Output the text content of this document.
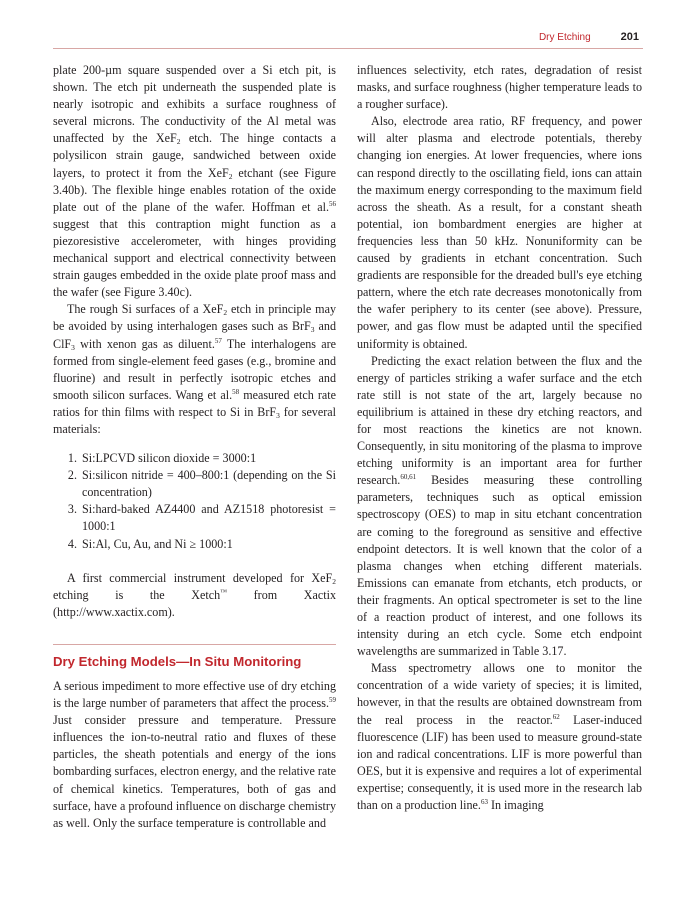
Dry Etching	201

plate 200-µm square suspended over a Si etch pit, is shown. The etch pit underneath the suspended plate is nearly isotropic and exhibits a surface roughness of several microns. The conductivity of the Al metal was unaffected by the XeF$_2$ etch. The hinge contacts a polysilicon strain gauge, sandwiched between oxide layers, to protect it from the XeF$_2$ etchant (see Figure 3.40b). The flexible hinge enables rotation of the oxide plate out of the plane of the wafer. Hoffman et al.$^{56}$ suggest that this contraption might function as a piezoresistive accelerometer, with hinges providing mechanical support and electrical connectivity between strain gauges embedded in the oxide plate proof mass and the wafer (see Figure 3.40c).

The rough Si surfaces of a XeF$_2$ etch in principle may be avoided by using interhalogen gases such as BrF$_3$ and ClF$_3$ with xenon gas as diluent.$^{57}$ The interhalogens are formed from single-element feed gases (e.g., bromine and fluorine) and result in perfectly isotropic etches and smooth silicon surfaces. Wang et al.$^{58}$ measured etch rate ratios for thin films with respect to Si in BrF$_3$ for several materials:

1. Si:LPCVD silicon dioxide = 3000:1
2. Si:silicon nitride = 400–800:1 (depending on the Si concentration)
3. Si:hard-baked AZ4400 and AZ1518 photoresist = 1000:1
4. Si:Al, Cu, Au, and Ni ≥ 1000:1

A first commercial instrument developed for XeF$_2$ etching is the Xetch™ from Xactix (http://www.xactix.com).

Dry Etching Models—In Situ Monitoring

A serious impediment to more effective use of dry etching is the large number of parameters that affect the process.$^{59}$ Just consider pressure and temperature. Pressure influences the ion-to-neutral ratio and fluxes of these particles, the sheath potentials and energy of the ions bombarding surfaces, electron energy, and the relative rate of chemical kinetics. Temperatures, both of gas and surface, have a profound influence on discharge chemistry as well. Only the surface temperature is controllable and

influences selectivity, etch rates, degradation of resist masks, and surface roughness (higher temperature leads to a rougher surface).

Also, electrode area ratio, RF frequency, and power will alter plasma and electrode potentials, thereby changing ion energies. At lower frequencies, where ions can respond directly to the oscillating field, ions can attain the maximum energy corresponding to the maximum field across the sheath. As a result, for a constant sheath potential, ion bombardment energies are higher at frequencies less than 50 kHz. Nonuniformity can be caused by gradients in etchant concentration. Such gradients are responsible for the dreaded bull's eye etching pattern, where the etch rate decreases monotonically from the wafer periphery to its center (see above). Pressure, power, and gas flow must be adapted until the specified uniformity is obtained.

Predicting the exact relation between the flux and the energy of particles striking a wafer surface and the etch rate still is not state of the art, largely because no equilibrium is attained in these dry etching reactors, and for most reactions the kinetics are not known. Consequently, in situ monitoring of the plasma to improve etching uniformity is an important area for further research.$^{60,61}$ Besides measuring these controlling parameters, techniques such as optical emission spectroscopy (OES) to map in situ etchant concentration are coming to the foreground as sensitive and effective endpoint detectors. It is well known that the color of a plasma changes when etching different materials. Emissions can emanate from etchants, etch products, or their fragments. An optical spectrometer is set to the line of a reaction product of interest, and one follows its intensity during an etch cycle. Some etch endpoint wavelengths are summarized in Table 3.17.

Mass spectrometry allows one to monitor the concentration of a wide variety of species; it is limited, however, in that the results are obtained downstream from the real process in the reactor.$^{62}$ Laser-induced fluorescence (LIF) has been used to measure ground-state ion and radical concentrations. LIF is more powerful than OES, but it is expensive and requires a lot of experimental expertise; consequently, it is used more in the research lab than on a production line.$^{63}$ In imaging
